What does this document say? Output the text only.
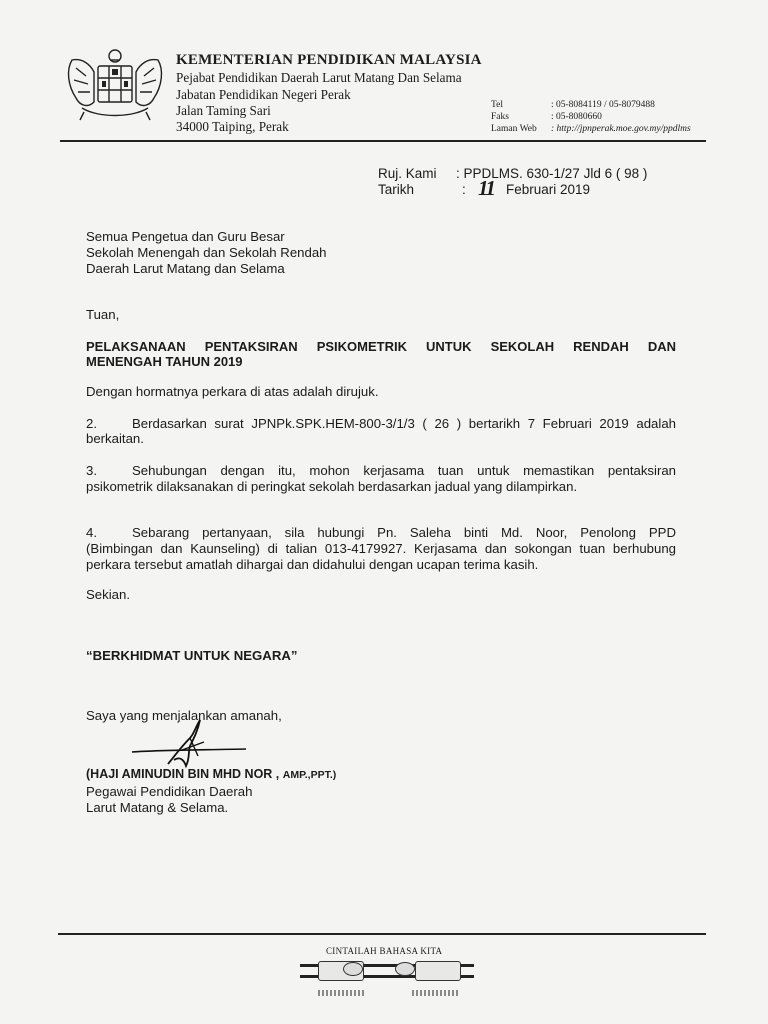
KEMENTERIAN PENDIDIKAN MALAYSIA
Pejabat Pendidikan Daerah Larut Matang Dan Selama
Jabatan Pendidikan Negeri Perak
Jalan Taming Sari
34000 Taiping, Perak
Tel	: 05-8084119 / 05-8079488
Faks	: 05-8080660
Laman Web : http://jpnperak.moe.gov.my/ppdlms
Ruj. Kami : PPDLMS. 630-1/27 Jld 6 ( 98 )
Tarikh	: 11 Februari 2019
Semua Pengetua dan Guru Besar
Sekolah Menengah dan Sekolah Rendah
Daerah Larut Matang dan Selama
Tuan,
PELAKSANAAN PENTAKSIRAN PSIKOMETRIK UNTUK SEKOLAH RENDAH DAN
MENENGAH TAHUN 2019
Dengan hormatnya perkara di atas adalah dirujuk.
2.	Berdasarkan surat JPNPk.SPK.HEM-800-3/1/3 ( 26 ) bertarikh 7 Februari 2019 adalah
berkaitan.
3.	Sehubungan dengan itu, mohon kerjasama tuan untuk memastikan pentaksiran
psikometrik dilaksanakan di peringkat sekolah berdasarkan jadual yang dilampirkan.
4.	Sebarang pertanyaan, sila hubungi Pn. Saleha binti Md. Noor, Penolong PPD
(Bimbingan dan Kaunseling) di talian 013-4179927. Kerjasama dan sokongan tuan berhubung
perkara tersebut amatlah dihargai dan didahului dengan ucapan terima kasih.
Sekian.
“BERKHIDMAT UNTUK NEGARA”
Saya yang menjalankan amanah,
(HAJI AMINUDIN BIN MHD NOR , AMP.,PPT.)
Pegawai Pendidikan Daerah
Larut Matang & Selama.
CINTAILAH BAHASA KITA
